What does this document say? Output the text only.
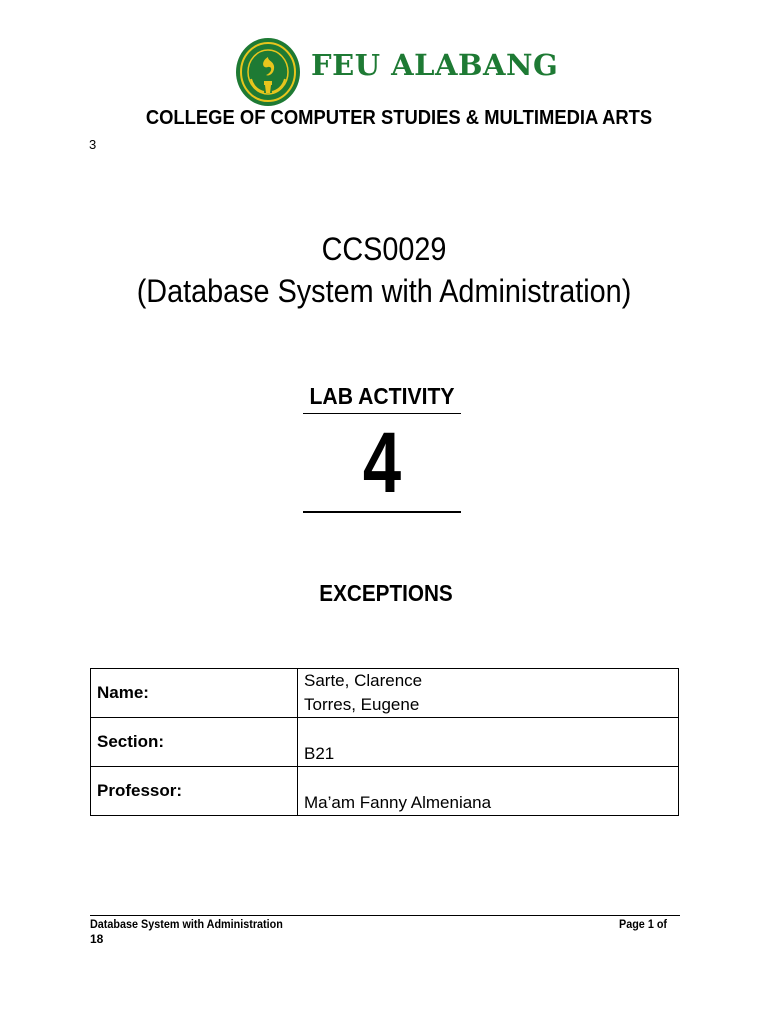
FEU ALABANG
COLLEGE OF COMPUTER STUDIES & MULTIMEDIA ARTS
3
CCS0029
(Database System with Administration)
LAB ACTIVITY
4
EXCEPTIONS
Name:	Sarte, Clarence
Torres, Eugene

Section:	B21

Professor:	Ma’am Fanny Almeniana
Database System with Administration	Page 1 of
18
